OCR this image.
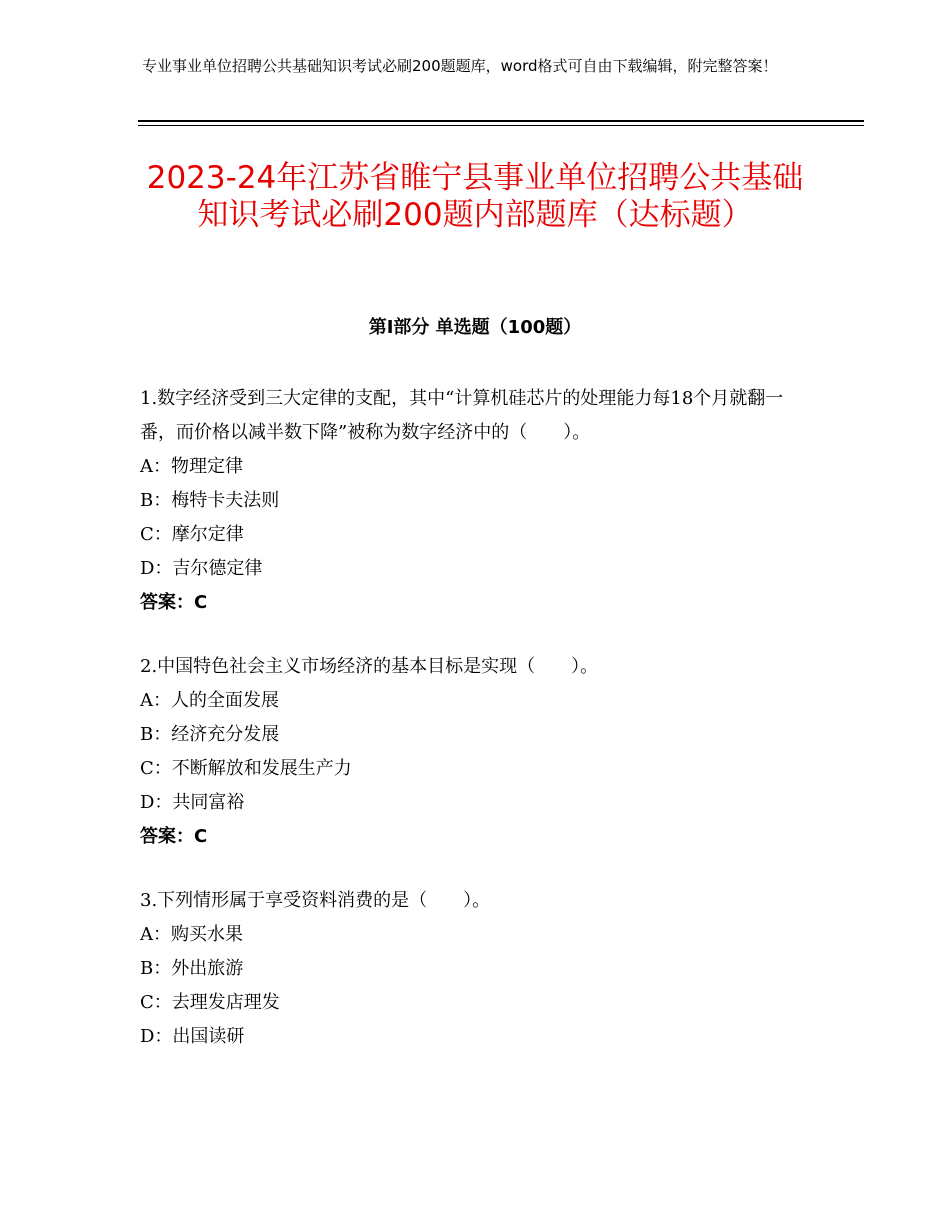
专业事业单位招聘公共基础知识考试必刷200题题库，word格式可自由下载编辑，附完整答案！
2023-24年江苏省睢宁县事业单位招聘公共基础知识考试必刷200题内部题库（达标题）
第Ⅰ部分 单选题（100题）

1.数字经济受到三大定律的支配，其中“计算机硅芯片的处理能力每18个月就翻一番，而价格以减半数下降”被称为数字经济中的（　　）。

A：物理定律

B：梅特卡夫法则

C：摩尔定律

D：吉尔德定律

答案：C

2.中国特色社会主义市场经济的基本目标是实现（　　）。

A：人的全面发展

B：经济充分发展

C：不断解放和发展生产力

D：共同富裕

答案：C

3.下列情形属于享受资料消费的是（　　）。

A：购买水果

B：外出旅游

C：去理发店理发

D：出国读研
